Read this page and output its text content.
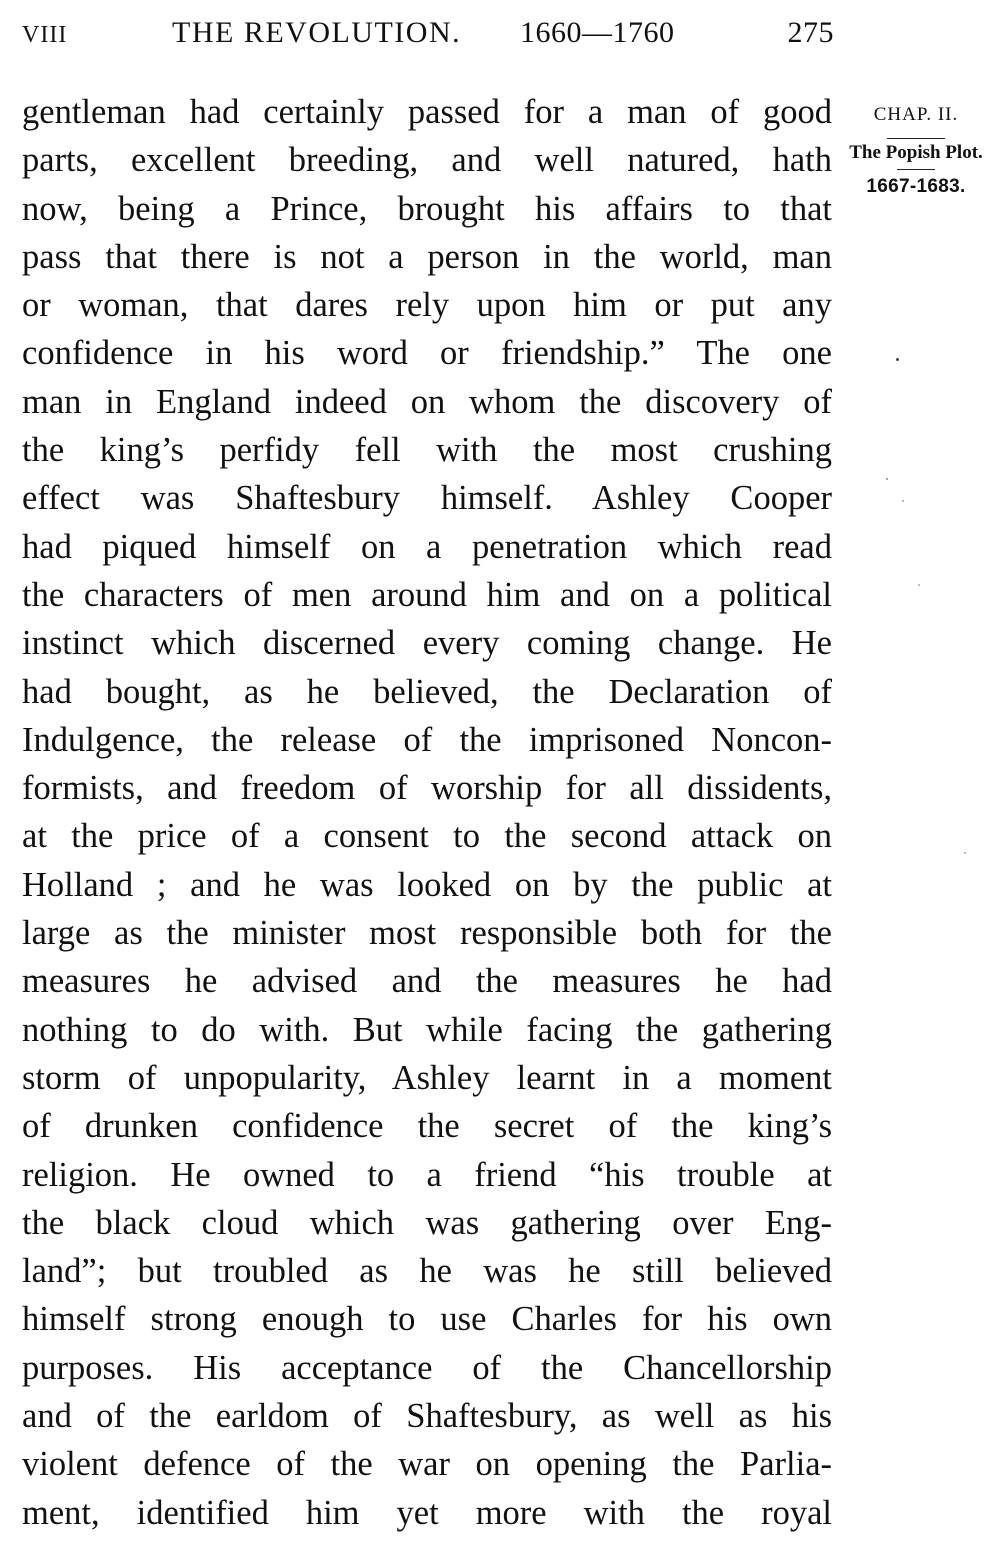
VIII	THE REVOLUTION. 1660—1760	275
gentleman had certainly passed for a man of good
parts, excellent breeding, and well natured, hath
now, being a Prince, brought his affairs to that
pass that there is not a person in the world, man
or woman, that dares rely upon him or put any
confidence in his word or friendship.” The one
man in England indeed on whom the discovery of
the king’s perfidy fell with the most crushing
effect was Shaftesbury himself. Ashley Cooper
had piqued himself on a penetration which read
the characters of men around him and on a political
instinct which discerned every coming change. He
had bought, as he believed, the Declaration of
Indulgence, the release of the imprisoned Noncon-
formists, and freedom of worship for all dissidents,
at the price of a consent to the second attack on
Holland ; and he was looked on by the public at
large as the minister most responsible both for the
measures he advised and the measures he had
nothing to do with. But while facing the gathering
storm of unpopularity, Ashley learnt in a moment
of drunken confidence the secret of the king’s
religion. He owned to a friend “his trouble at
the black cloud which was gathering over Eng-
land”; but troubled as he was he still believed
himself strong enough to use Charles for his own
purposes. His acceptance of the Chancellorship
and of the earldom of Shaftesbury, as well as his
violent defence of the war on opening the Parlia-
ment, identified him yet more with the royal
CHAP. II.
The Popish Plot.
1667-1683.
